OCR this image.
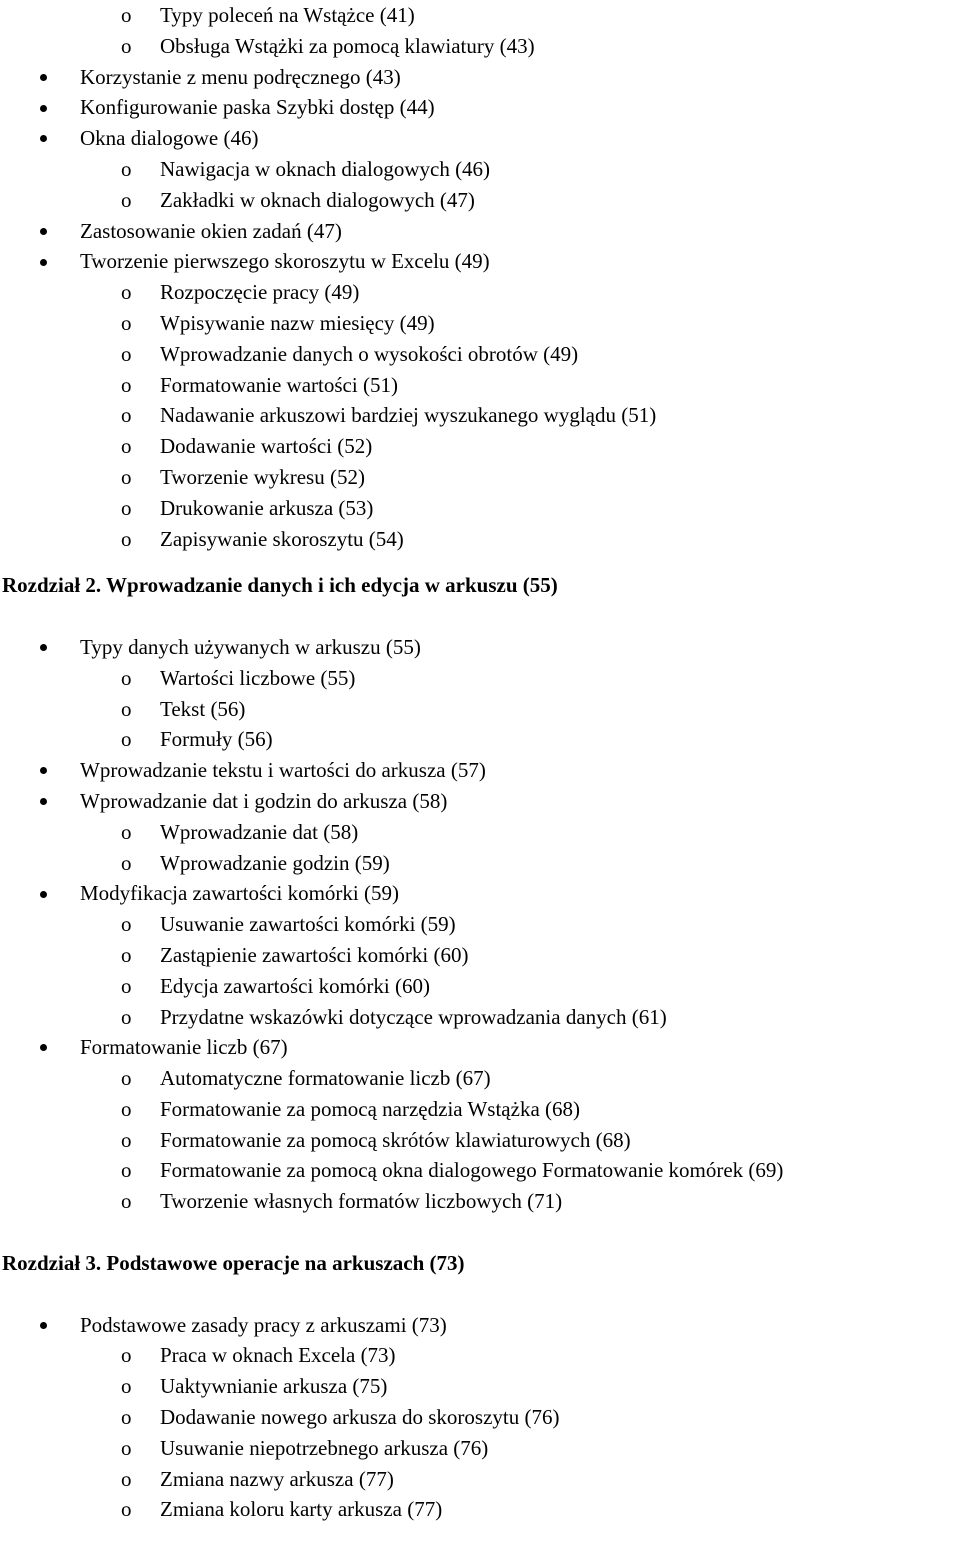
o Typy poleceń na Wstążce (41)
o Obsługa Wstążki za pomocą klawiatury (43)
Korzystanie z menu podręcznego (43)
Konfigurowanie paska Szybki dostęp (44)
Okna dialogowe (46)
o Nawigacja w oknach dialogowych (46)
o Zakładki w oknach dialogowych (47)
Zastosowanie okien zadań (47)
Tworzenie pierwszego skoroszytu w Excelu (49)
o Rozpoczęcie pracy (49)
o Wpisywanie nazw miesięcy (49)
o Wprowadzanie danych o wysokości obrotów (49)
o Formatowanie wartości (51)
o Nadawanie arkuszowi bardziej wyszukanego wyglądu (51)
o Dodawanie wartości (52)
o Tworzenie wykresu (52)
o Drukowanie arkusza (53)
o Zapisywanie skoroszytu (54)
Rozdział 2. Wprowadzanie danych i ich edycja w arkuszu (55)
Typy danych używanych w arkuszu (55)
o Wartości liczbowe (55)
o Tekst (56)
o Formuły (56)
Wprowadzanie tekstu i wartości do arkusza (57)
Wprowadzanie dat i godzin do arkusza (58)
o Wprowadzanie dat (58)
o Wprowadzanie godzin (59)
Modyfikacja zawartości komórki (59)
o Usuwanie zawartości komórki (59)
o Zastąpienie zawartości komórki (60)
o Edycja zawartości komórki (60)
o Przydatne wskazówki dotyczące wprowadzania danych (61)
Formatowanie liczb (67)
o Automatyczne formatowanie liczb (67)
o Formatowanie za pomocą narzędzia Wstążka (68)
o Formatowanie za pomocą skrótów klawiaturowych (68)
o Formatowanie za pomocą okna dialogowego Formatowanie komórek (69)
o Tworzenie własnych formatów liczbowych (71)
Rozdział 3. Podstawowe operacje na arkuszach (73)
Podstawowe zasady pracy z arkuszami (73)
o Praca w oknach Excela (73)
o Uaktywnianie arkusza (75)
o Dodawanie nowego arkusza do skoroszytu (76)
o Usuwanie niepotrzebnego arkusza (76)
o Zmiana nazwy arkusza (77)
o Zmiana koloru karty arkusza (77)
